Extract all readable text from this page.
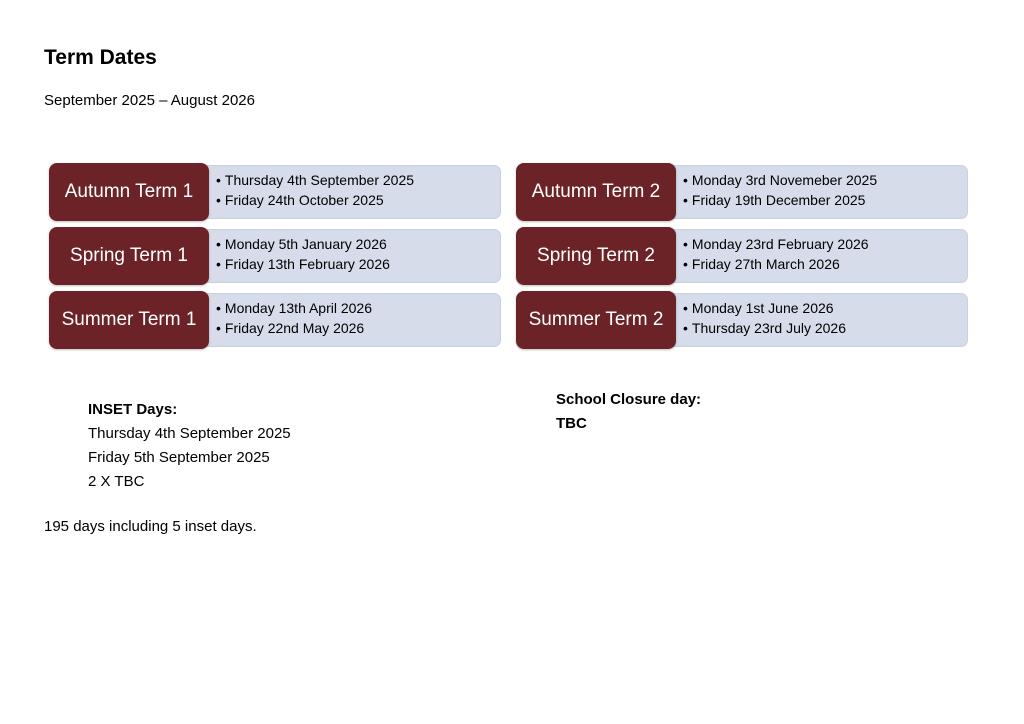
Term Dates
September 2025 – August 2026
• Thursday 4th September 2025
• Friday 24th October 2025
Autumn Term 1
• Monday 3rd Novemeber 2025
• Friday 19th December 2025
Autumn Term 2
• Monday 5th January 2026
• Friday 13th February 2026
Spring Term 1
• Monday 23rd February 2026
• Friday 27th March 2026
Spring Term 2
• Monday 13th April 2026
• Friday 22nd May 2026
Summer Term 1
• Monday 1st June 2026
• Thursday 23rd July 2026
Summer Term 2
INSET Days:
Thursday 4th September 2025
Friday 5th September 2025
2 X TBC
School Closure day:
TBC
195 days including 5 inset days.
